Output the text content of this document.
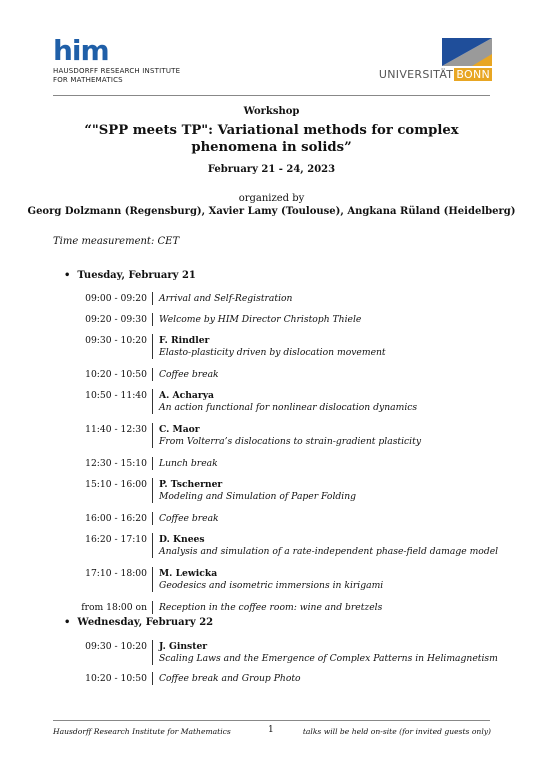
him
HAUSDORFF RESEARCH INSTITUTE
FOR MATHEMATICS	UNIVERSITÄT BONN
Workshop
“"SPP meets TP": Variational methods for complex phenomena in solids”
February 21 - 24, 2023
organized by
Georg Dolzmann (Regensburg), Xavier Lamy (Toulouse), Angkana Rüland (Heidelberg)
Time measurement: CET
• Tuesday, February 21
09:00 - 09:20 Arrival and Self-Registration
09:20 - 09:30 Welcome by HIM Director Christoph Thiele
09:30 - 10:20 F. Rindler
Elasto-plasticity driven by dislocation movement
10:20 - 10:50 Coffee break
10:50 - 11:40 A. Acharya
An action functional for nonlinear dislocation dynamics
11:40 - 12:30 C. Maor
From Volterra’s dislocations to strain-gradient plasticity
12:30 - 15:10 Lunch break
15:10 - 16:00 P. Tscherner
Modeling and Simulation of Paper Folding
16:00 - 16:20 Coffee break
16:20 - 17:10 D. Knees
Analysis and simulation of a rate-independent phase-field damage model
17:10 - 18:00 M. Lewicka
Geodesics and isometric immersions in kirigami
from 18:00 on Reception in the coffee room: wine and bretzels
• Wednesday, February 22
09:30 - 10:20 J. Ginster
Scaling Laws and the Emergence of Complex Patterns in Helimagnetism
10:20 - 10:50 Coffee break and Group Photo
Hausdorff Research Institute for Mathematics	1	talks will be held on-site (for invited guests only)
